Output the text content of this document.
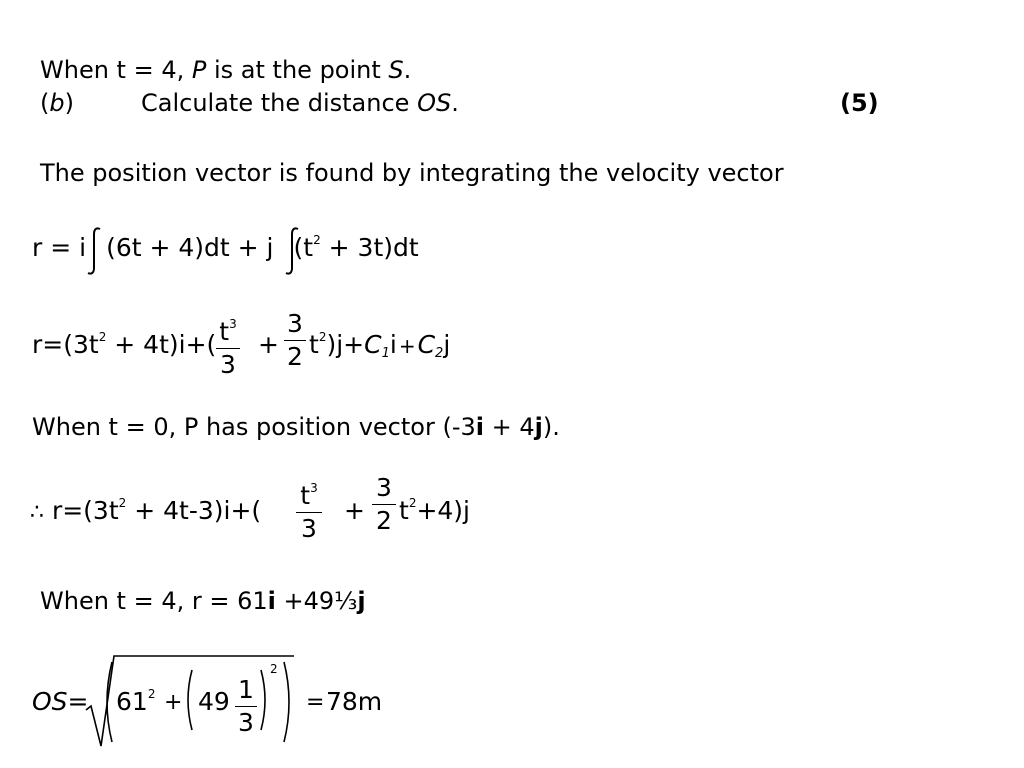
When t = 4, P is at the point S.
(b)	Calculate the distance OS.	(5)
The position vector is found by integrating the velocity vector
r = i (6t + 4)dt + j $(t^2 + 3t)dt$
$r=(3t^2 + 4t)i+$( $t^3$
3
+
3
2 $t^2)j+C_1i +C_2j$
When t = 0, P has position vector (-3i + 4j).
∴ $r=(3t^2 + 4t-3)i+$(
$t^3$
3
+
3
2 $t^2+4)j$
When t = 4, r = 61i +49⅓j
$OS= 61^2 + 49$ 1
3
2
= 78m
